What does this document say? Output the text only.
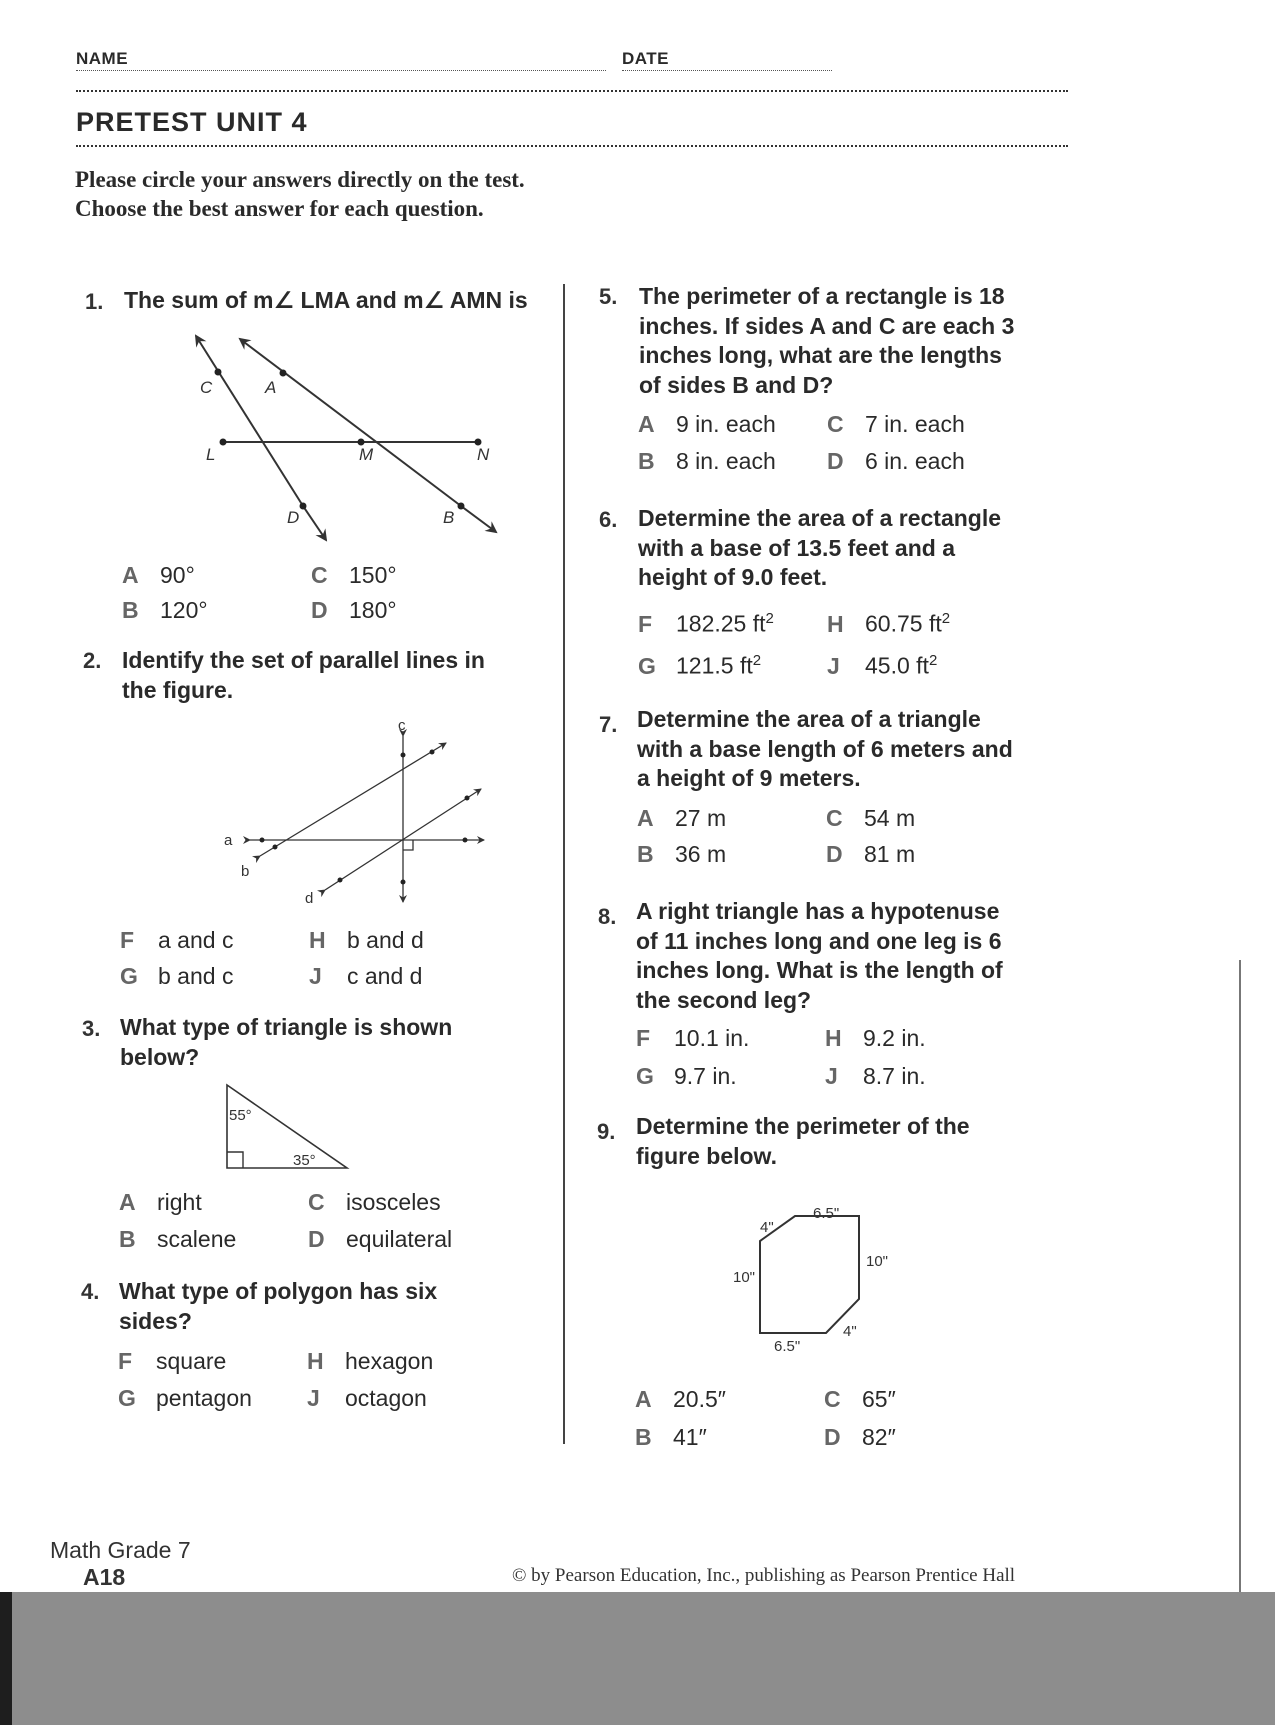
NAME	DATE
PRETEST UNIT 4
Please circle your answers directly on the test.
Choose the best answer for each question.
1. The sum of m∠ LMA and m∠ AMN is
C	A
L	M	N
D	B
c
a
b
d
55°
35°
6.5"
4"
10"
10"
6.5"
4"
A 90°	C 150°
B 120°	D 180°
2. Identify the set of parallel lines in
the figure.
F a and c	H b and d
G b and c	J c and d
3. What type of triangle is shown
below?
A right	C isosceles
B scalene	D equilateral
4. What type of polygon has six
sides?
F square	H hexagon
G pentagon J octagon
5. The perimeter of a rectangle is 18
inches. If sides A and C are each 3
inches long, what are the lengths
of sides B and D?
A 9 in. each C 7 in. each
B 8 in. each D 6 in. each
6. Determine the area of a rectangle
with a base of 13.5 feet and a
height of 9.0 feet.
F 182.25 $ft^2$ H 60.75 $ft^2$
G 121.5 $ft^2$	J 45.0 $ft^2$
7. Determine the area of a triangle
with a base length of 6 meters and
a height of 9 meters.
A 27 m	C 54 m
B 36 m	D 81 m
8. A right triangle has a hypotenuse
of 11 inches long and one leg is 6
inches long. What is the length of
the second leg?
F 10.1 in.	H 9.2 in.
G 9.7 in.	J 8.7 in.
9. Determine the perimeter of the
figure below.
A 20.5″	C 65″
B 41″	D 82″
Math Grade 7
A18	© by Pearson Education, Inc., publishing as Pearson Prentice Hall
